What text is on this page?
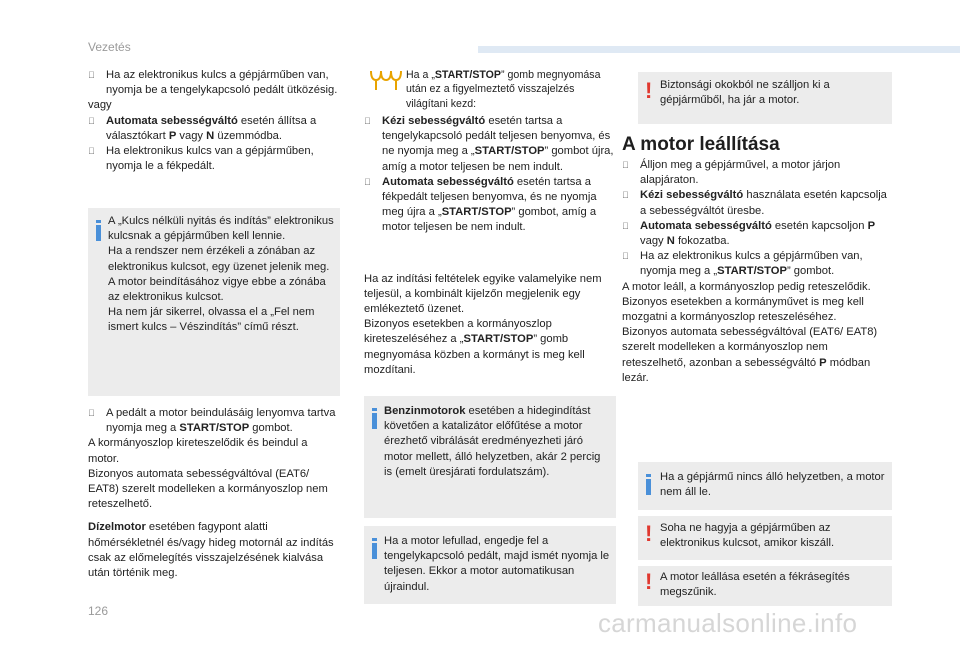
Vezetés

Ha az elektronikus kulcs a gépjárműben van, nyomja be a tengelykapcsoló pedált ütközésig.

vagy

Automata sebességváltó esetén állítsa a választókart P vagy N üzemmódba.

Ha elektronikus kulcs van a gépjárműben, nyomja le a fékpedált.

A „Kulcs nélküli nyitás és indítás” elektronikus kulcsnak a gépjárműben kell lennie.

Ha a rendszer nem érzékeli a zónában az elektronikus kulcsot, egy üzenet jelenik meg.

A motor beindításához vigye ebbe a zónába az elektronikus kulcsot.

Ha nem jár sikerrel, olvassa el a „Fel nem ismert kulcs – Vészindítás” című részt.

A pedált a motor beindulásáig lenyomva tartva nyomja meg a START/STOP gombot.

A kormányoszlop kireteszelődik és beindul a motor.

Bizonyos automata sebességváltóval (EAT6/ EAT8) szerelt modelleken a kormányoszlop nem reteszelhető.

Dízelmotor esetében fagypont alatti hőmérsékletnél és/vagy hideg motornál az indítás csak az előmelegítés visszajelzésének kialvása után történik meg.

Ha a „START/STOP” gomb megnyomása után ez a figyelmeztető visszajelzés világítani kezd:

Kézi sebességváltó esetén tartsa a tengelykapcsoló pedált teljesen benyomva, és ne nyomja meg a „START/STOP” gombot újra, amíg a motor teljesen be nem indult.

Automata sebességváltó esetén tartsa a fékpedált teljesen benyomva, és ne nyomja meg újra a „START/STOP” gombot, amíg a motor teljesen be nem indult.

Ha az indítási feltételek egyike valamelyike nem teljesül, a kombinált kijelzőn megjelenik egy emlékeztető üzenet.

Bizonyos esetekben a kormányoszlop kireteszeléséhez a „START/STOP” gomb megnyomása közben a kormányt is meg kell mozdítani.

Benzinmotorok esetében a hidegindítást követően a katalizátor előfűtése a motor érezhető vibrálását eredményezheti járó motor mellett, álló helyzetben, akár 2 percig is (emelt üresjárati fordulatszám).

Ha a motor lefullad, engedje fel a tengelykapcsoló pedált, majd ismét nyomja le teljesen. Ekkor a motor automatikusan újraindul.

! Biztonsági okokból ne szálljon ki a gépjárműből, ha jár a motor.

A motor leállítása

Álljon meg a gépjárművel, a motor járjon alapjáraton.

Kézi sebességváltó használata esetén kapcsolja a sebességváltót üresbe.

Automata sebességváltó esetén kapcsoljon P vagy N fokozatba.

Ha az elektronikus kulcs a gépjárműben van, nyomja meg a „START/STOP” gombot.

A motor leáll, a kormányoszlop pedig reteszelődik.

Bizonyos esetekben a kormányművet is meg kell mozgatni a kormányoszlop reteszeléséhez.

Bizonyos automata sebességváltóval (EAT6/ EAT8) szerelt modelleken a kormányoszlop nem reteszelhető, azonban a sebességváltó P módban lezár.

Ha a gépjármű nincs álló helyzetben, a motor nem áll le.

! Soha ne hagyja a gépjárműben az elektronikus kulcsot, amikor kiszáll.

! A motor leállása esetén a fékrásegítés megszűnik.

126	carmanualsonline.info
